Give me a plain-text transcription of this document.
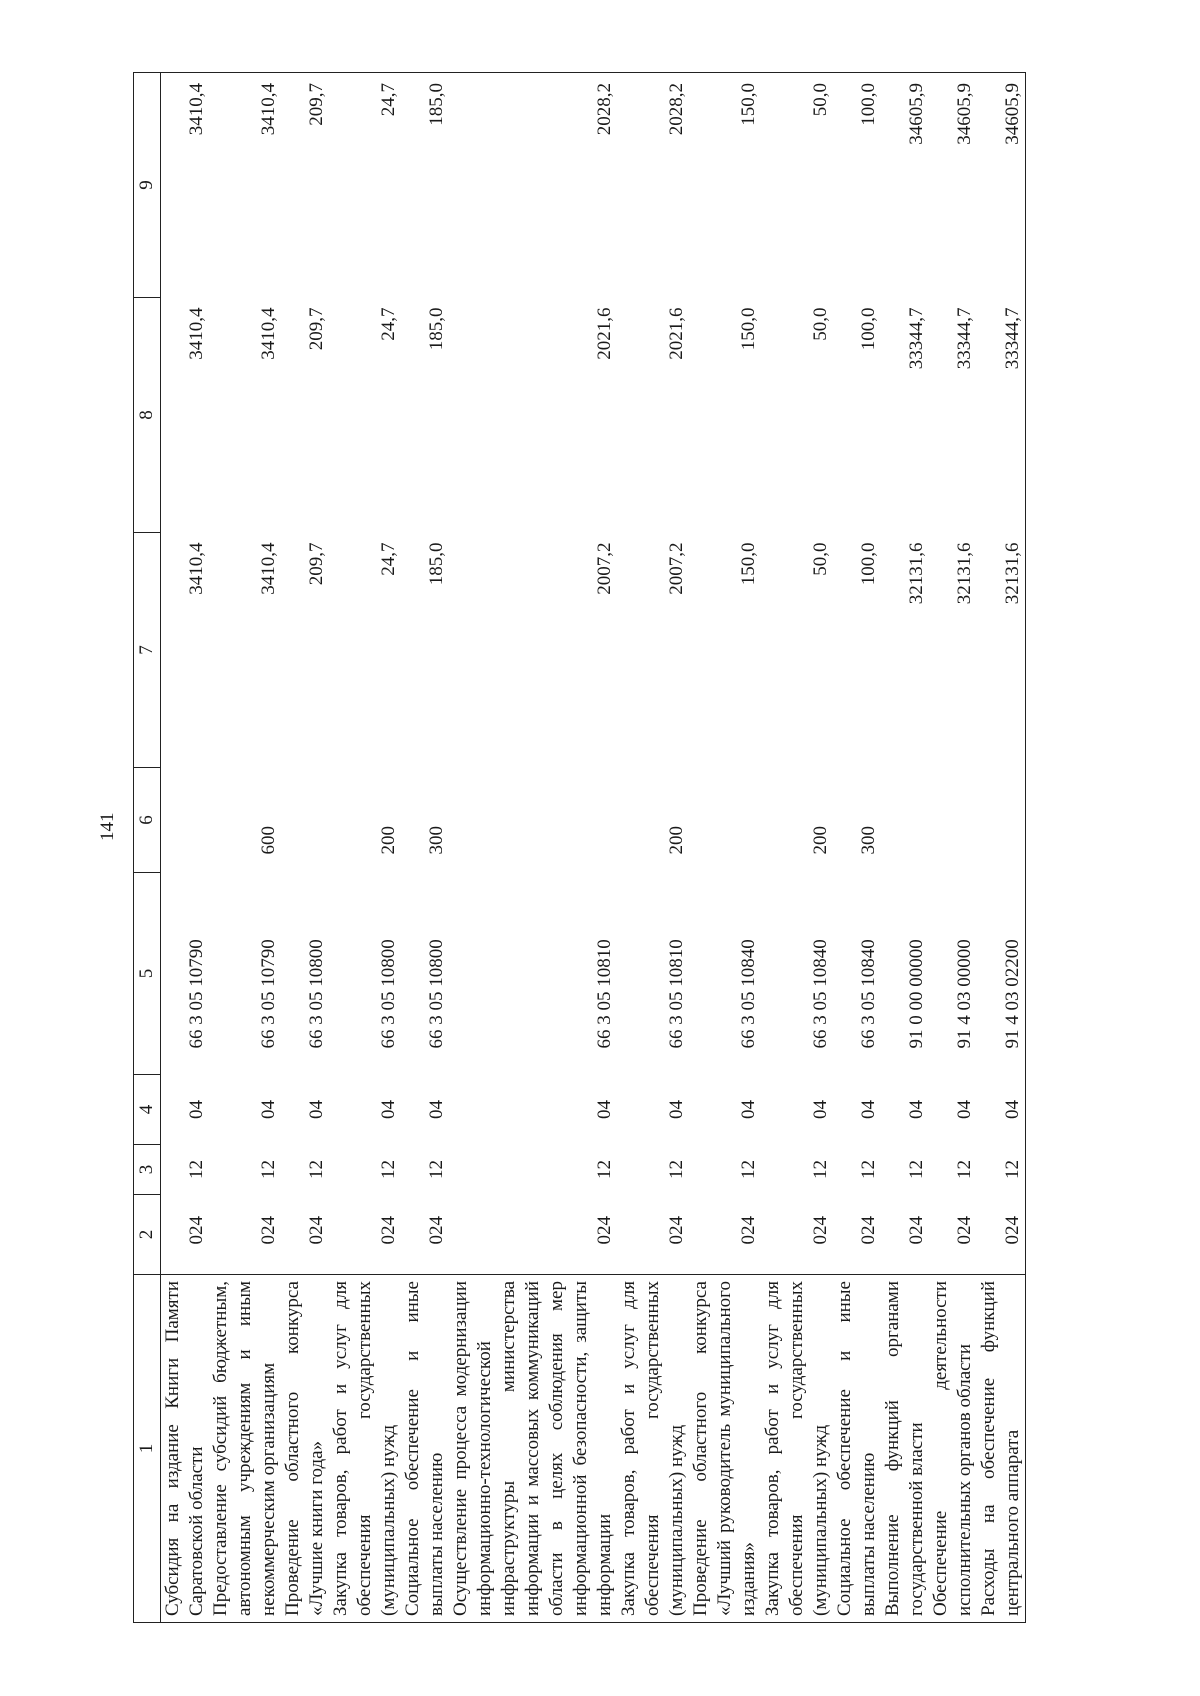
141
1	2	3	4	5	6	7	8	9
Субсидия на издание Книги Памяти Саратовской области	024	12	04	66 3 05 10790		3410,4	3410,4	3410,4
Предоставление субсидий бюджетным, автономным учреждениям и иным некоммерческим организациям	024	12	04	66 3 05 10790	600	3410,4	3410,4	3410,4
Проведение областного конкурса «Лучшие книги года»	024	12	04	66 3 05 10800		209,7	209,7	209,7
Закупка товаров, работ и услуг для обеспечения государственных (муниципальных) нужд	024	12	04	66 3 05 10800	200	24,7	24,7	24,7
Социальное обеспечение и иные выплаты населению	024	12	04	66 3 05 10800	300	185,0	185,0	185,0
Осуществление процесса модернизации информационно-технологической инфраструктуры министерства информации и массовых коммуникаций области в целях соблюдения мер информационной безопасности, защиты информации	024	12	04	66 3 05 10810		2007,2	2021,6	2028,2
Закупка товаров, работ и услуг для обеспечения государственных (муниципальных) нужд	024	12	04	66 3 05 10810	200	2007,2	2021,6	2028,2
Проведение областного конкурса «Лучший руководитель муниципального издания»	024	12	04	66 3 05 10840		150,0	150,0	150,0
Закупка товаров, работ и услуг для обеспечения государственных (муниципальных) нужд	024	12	04	66 3 05 10840	200	50,0	50,0	50,0
Социальное обеспечение и иные выплаты населению	024	12	04	66 3 05 10840	300	100,0	100,0	100,0
Выполнение функций органами государственной власти	024	12	04	91 0 00 00000		32131,6	33344,7	34605,9
Обеспечение деятельности исполнительных органов области	024	12	04	91 4 03 00000		32131,6	33344,7	34605,9
Расходы на обеспечение функций центрального аппарата	024	12	04	91 4 03 02200		32131,6	33344,7	34605,9
